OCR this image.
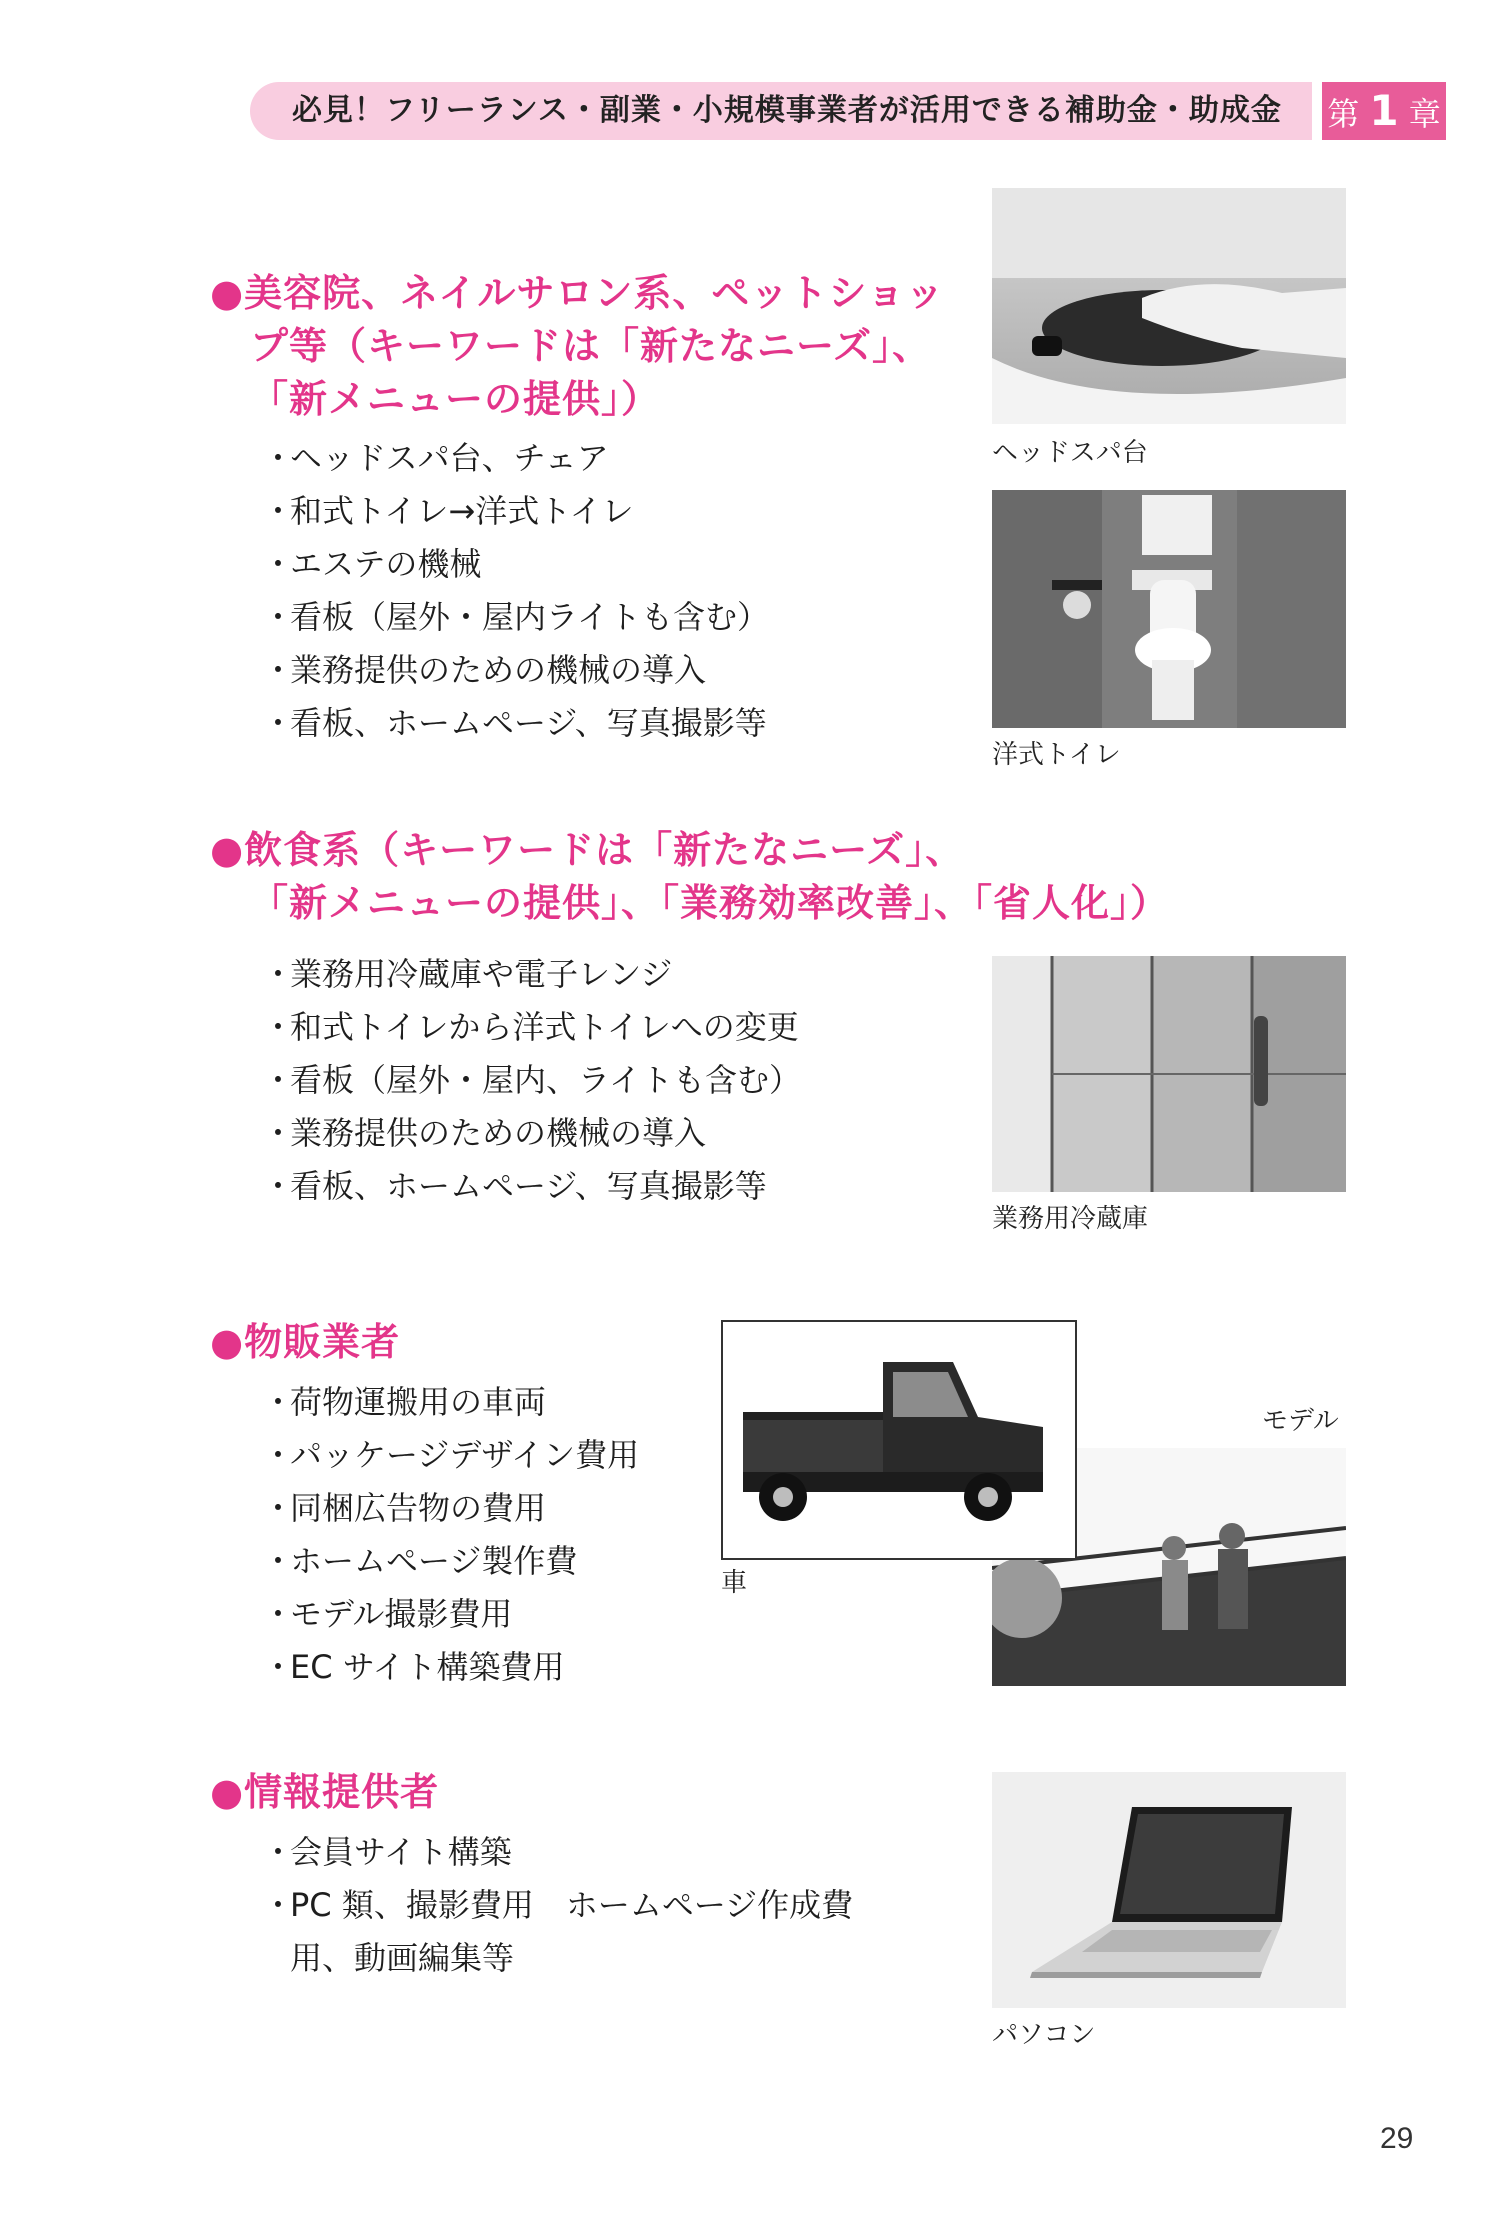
必見！フリーランス・副業・小規模事業者が活用できる補助金・助成金 第 1 章
●美容院、ネイルサロン系、ペットショッ
プ等（キーワードは「新たなニーズ」、
「新メニューの提供」）
・ヘッドスパ台、チェア
・和式トイレ→洋式トイレ
・エステの機械
・看板（屋外・屋内ライトも含む）
・業務提供のための機械の導入
・看板、ホームページ、写真撮影等
ヘッドスパ台
洋式トイレ
●飲食系（キーワードは「新たなニーズ」、
「新メニューの提供」、「業務効率改善」、「省人化」）
・業務用冷蔵庫や電子レンジ
・和式トイレから洋式トイレへの変更
・看板（屋外・屋内、ライトも含む）
・業務提供のための機械の導入
・看板、ホームページ、写真撮影等
業務用冷蔵庫
●物販業者
・荷物運搬用の車両
・パッケージデザイン費用
・同梱広告物の費用
・ホームページ製作費
・モデル撮影費用
・EC サイト構築費用
モデル
車
●情報提供者
・会員サイト構築
・PC 類、撮影費用　ホームページ作成費
用、動画編集等
パソコン
29
